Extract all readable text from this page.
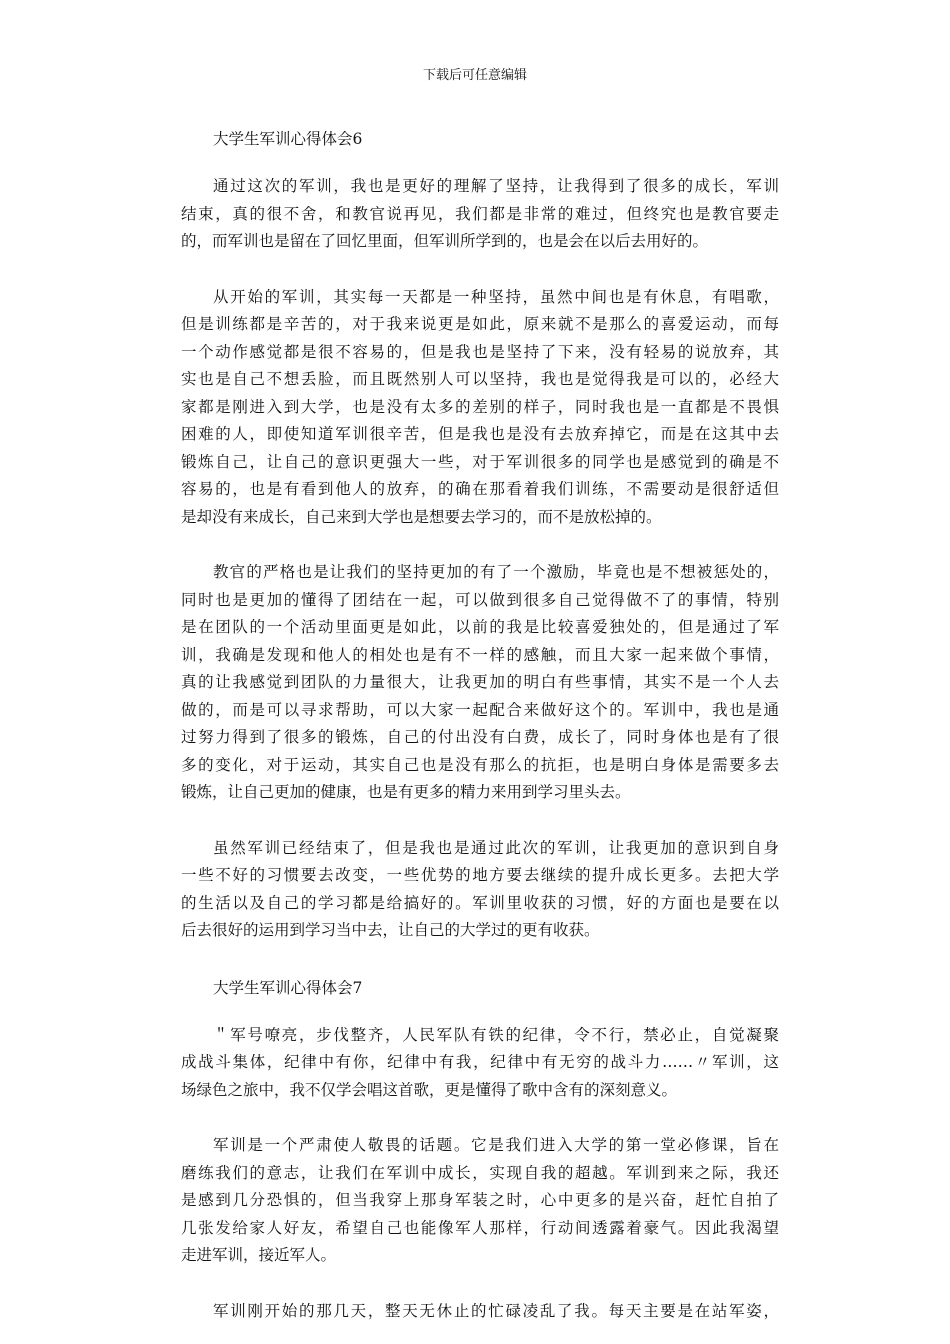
下载后可任意编辑
大学生军训心得体会6

通过这次的军训，我也是更好的理解了坚持，让我得到了很多的成长，军训
结束，真的很不舍，和教官说再见，我们都是非常的难过，但终究也是教官要走
的，而军训也是留在了回忆里面，但军训所学到的，也是会在以后去用好的。

从开始的军训，其实每一天都是一种坚持，虽然中间也是有休息，有唱歌，
但是训练都是辛苦的，对于我来说更是如此，原来就不是那么的喜爱运动，而每
一个动作感觉都是很不容易的，但是我也是坚持了下来，没有轻易的说放弃，其
实也是自己不想丢脸，而且既然别人可以坚持，我也是觉得我是可以的，必经大
家都是刚进入到大学，也是没有太多的差别的样子，同时我也是一直都是不畏惧
困难的人，即使知道军训很辛苦，但是我也是没有去放弃掉它，而是在这其中去
锻炼自己，让自己的意识更强大一些，对于军训很多的同学也是感觉到的确是不
容易的，也是有看到他人的放弃，的确在那看着我们训练，不需要动是很舒适但
是却没有来成长，自己来到大学也是想要去学习的，而不是放松掉的。

教官的严格也是让我们的坚持更加的有了一个激励，毕竟也是不想被惩处的，
同时也是更加的懂得了团结在一起，可以做到很多自己觉得做不了的事情，特别
是在团队的一个活动里面更是如此，以前的我是比较喜爱独处的，但是通过了军
训，我确是发现和他人的相处也是有不一样的感触，而且大家一起来做个事情，
真的让我感觉到团队的力量很大，让我更加的明白有些事情，其实不是一个人去
做的，而是可以寻求帮助，可以大家一起配合来做好这个的。军训中，我也是通
过努力得到了很多的锻炼，自己的付出没有白费，成长了，同时身体也是有了很
多的变化，对于运动，其实自己也是没有那么的抗拒，也是明白身体是需要多去
锻炼，让自己更加的健康，也是有更多的精力来用到学习里头去。

虽然军训已经结束了，但是我也是通过此次的军训，让我更加的意识到自身
一些不好的习惯要去改变，一些优势的地方要去继续的提升成长更多。去把大学
的生活以及自己的学习都是给搞好的。军训里收获的习惯，好的方面也是要在以
后去很好的运用到学习当中去，让自己的大学过的更有收获。

大学生军训心得体会7

＂军号嘹亮，步伐整齐，人民军队有铁的纪律，令不行，禁必止，自觉凝聚
成战斗集体，纪律中有你，纪律中有我，纪律中有无穷的战斗力……〃军训，这
场绿色之旅中，我不仅学会唱这首歌，更是懂得了歌中含有的深刻意义。

军训是一个严肃使人敬畏的话题。它是我们进入大学的第一堂必修课，旨在
磨练我们的意志，让我们在军训中成长，实现自我的超越。军训到来之际，我还
是感到几分恐惧的，但当我穿上那身军装之时，心中更多的是兴奋，赶忙自拍了
几张发给家人好友，希望自己也能像军人那样，行动间透露着豪气。因此我渴望
走进军训，接近军人。

军训刚开始的那几天，整天无休止的忙碌凌乱了我。每天主要是在站军姿，
